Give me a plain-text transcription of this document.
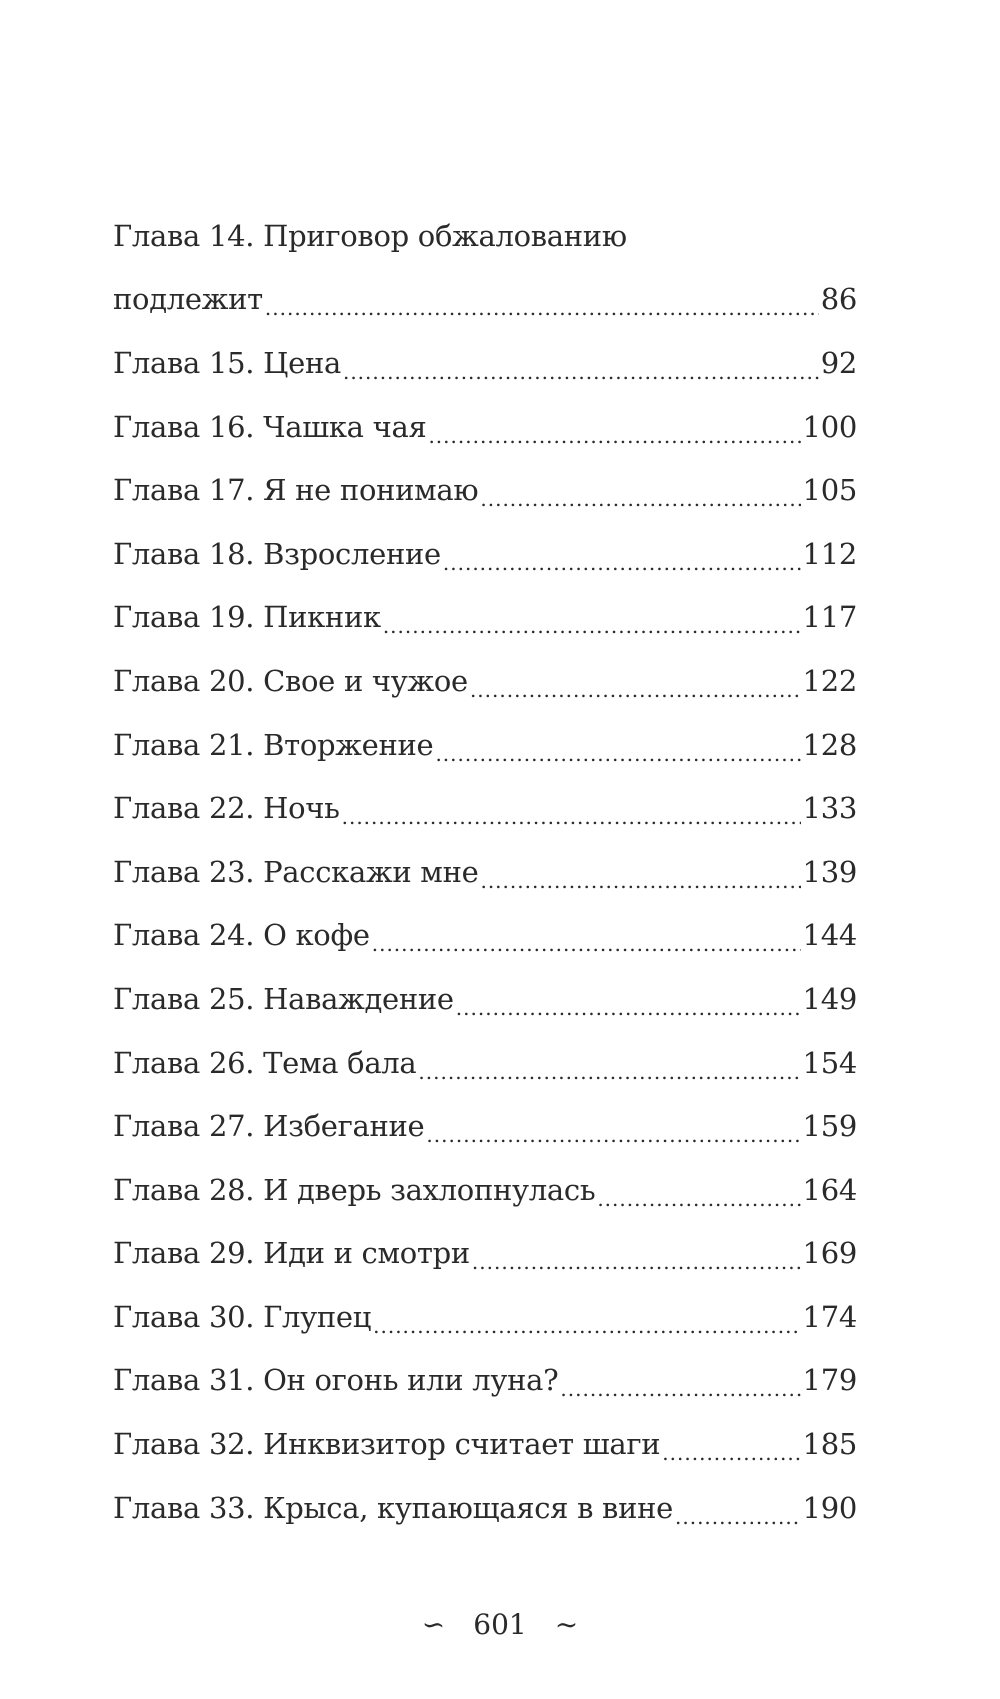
Глава 14. Приговор обжалованию
подлежит .....	86
Глава 15. Цена .....	92
Глава 16. Чашка чая .....	100
Глава 17. Я не понимаю .....	105
Глава 18. Взросление .....	112
Глава 19. Пикник .....	117
Глава 20. Свое и чужое .....	122
Глава 21. Вторжение .....	128
Глава 22. Ночь .....	133
Глава 23. Расскажи мне .....	139
Глава 24. О кофе .....	144
Глава 25. Наваждение .....	149
Глава 26. Тема бала .....	154
Глава 27. Избегание .....	159
Глава 28. И дверь захлопнулась .....	164
Глава 29. Иди и смотри .....	169
Глава 30. Глупец .....	174
Глава 31. Он огонь или луна? .....	179
Глава 32. Инквизитор считает шаги .....	185
Глава 33. Крыса, купающаяся в вине .....	190
∽ 601 ∼
